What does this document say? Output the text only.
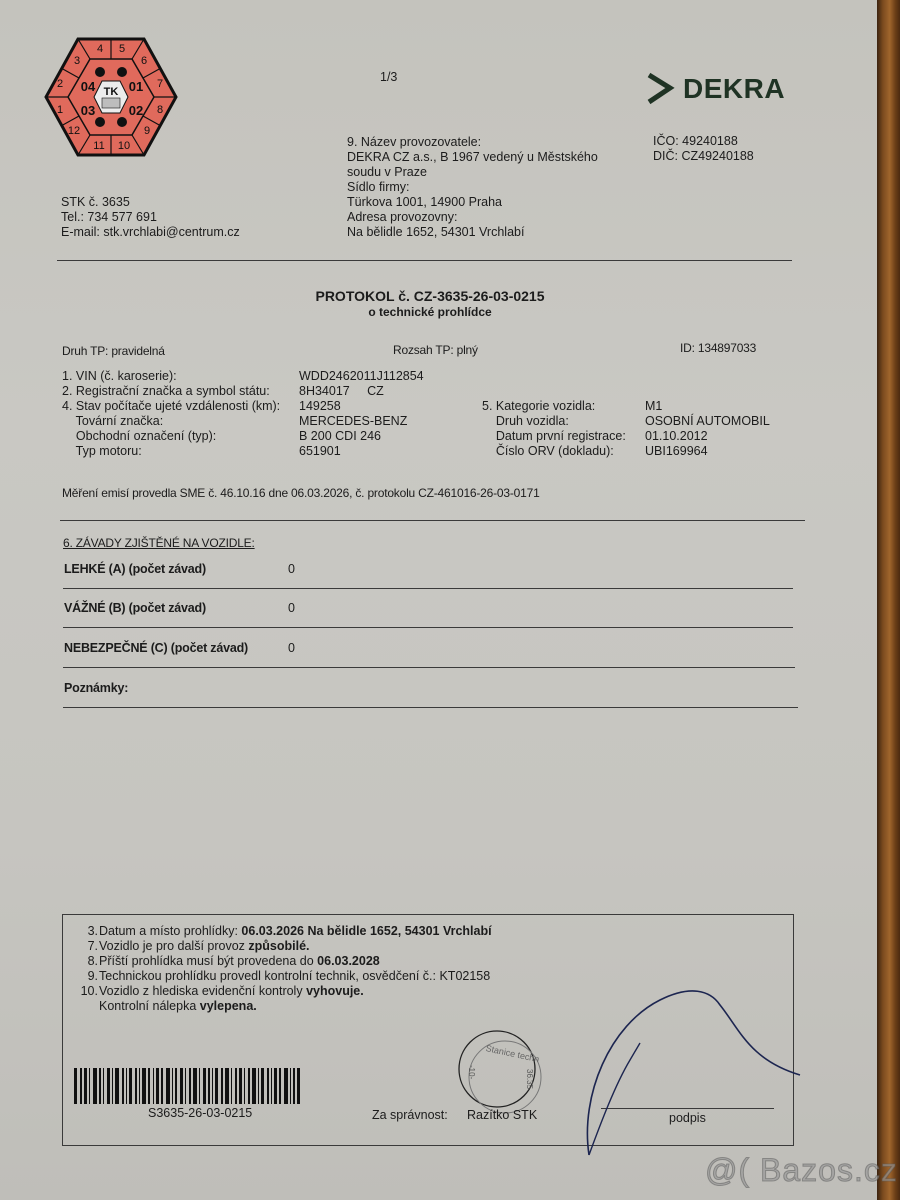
4 5
6
7
8
9
10
11
12
1
2
3
04	01
03	02
TK
1/3	DEKRA
STK č. 3635
Tel.: 734 577 691
E-mail: stk.vrchlabi@centrum.cz
9. Název provozovatele:
DEKRA CZ a.s., B 1967 vedený u Městského
soudu v Praze
Sídlo firmy:
Türkova 1001, 14900 Praha
Adresa provozovny:
Na bělidle 1652, 54301 Vrchlabí
IČO: 49240188
DIČ: CZ49240188
PROTOKOL č. CZ-3635-26-03-0215
o technické prohlídce
Druh TP: pravidelná	Rozsah TP: plný	ID: 134897033
1. VIN (č. karoserie):	WDD2462011J112854
2. Registrační značka a symbol státu: 8H34017     CZ
4. Stav počítače ujeté vzdálenosti (km): 149258
Tovární značka:	MERCEDES-BENZ
Obchodní označení (typ):	B 200 CDI 246
Typ motoru:	651901
5. Kategorie vozidla:	M1
Druh vozidla:	OSOBNÍ AUTOMOBIL
Datum první registrace: 01.10.2012
Číslo ORV (dokladu): UBI169964
Měření emisí provedla SME č. 46.10.16 dne 06.03.2026, č. protokolu CZ-461016-26-03-0171
6. ZÁVADY ZJIŠTĚNÉ NA VOZIDLE:
LEHKÉ (A) (počet závad)	0
VÁŽNÉ (B) (počet závad)	0
NEBEZPEČNÉ (C) (počet závad)	0
Poznámky:
3. Datum a místo prohlídky: 06.03.2026 Na bělidle 1652, 54301 Vrchlabí
7. Vozidlo je pro další provoz způsobilé.
8. Příští prohlídka musí být provedena do 06.03.2028
9. Technickou prohlídku provedl kontrolní technik, osvědčení č.: KT02158
10. Vozidlo z hlediska evidenční kontroly vyhovuje.
Kontrolní nálepka vylepena.
S3635-26-03-0215	Za správnost:
Stanice techn
-10-	36.35
Razítko STK	podpis
@( Bazos.cz
